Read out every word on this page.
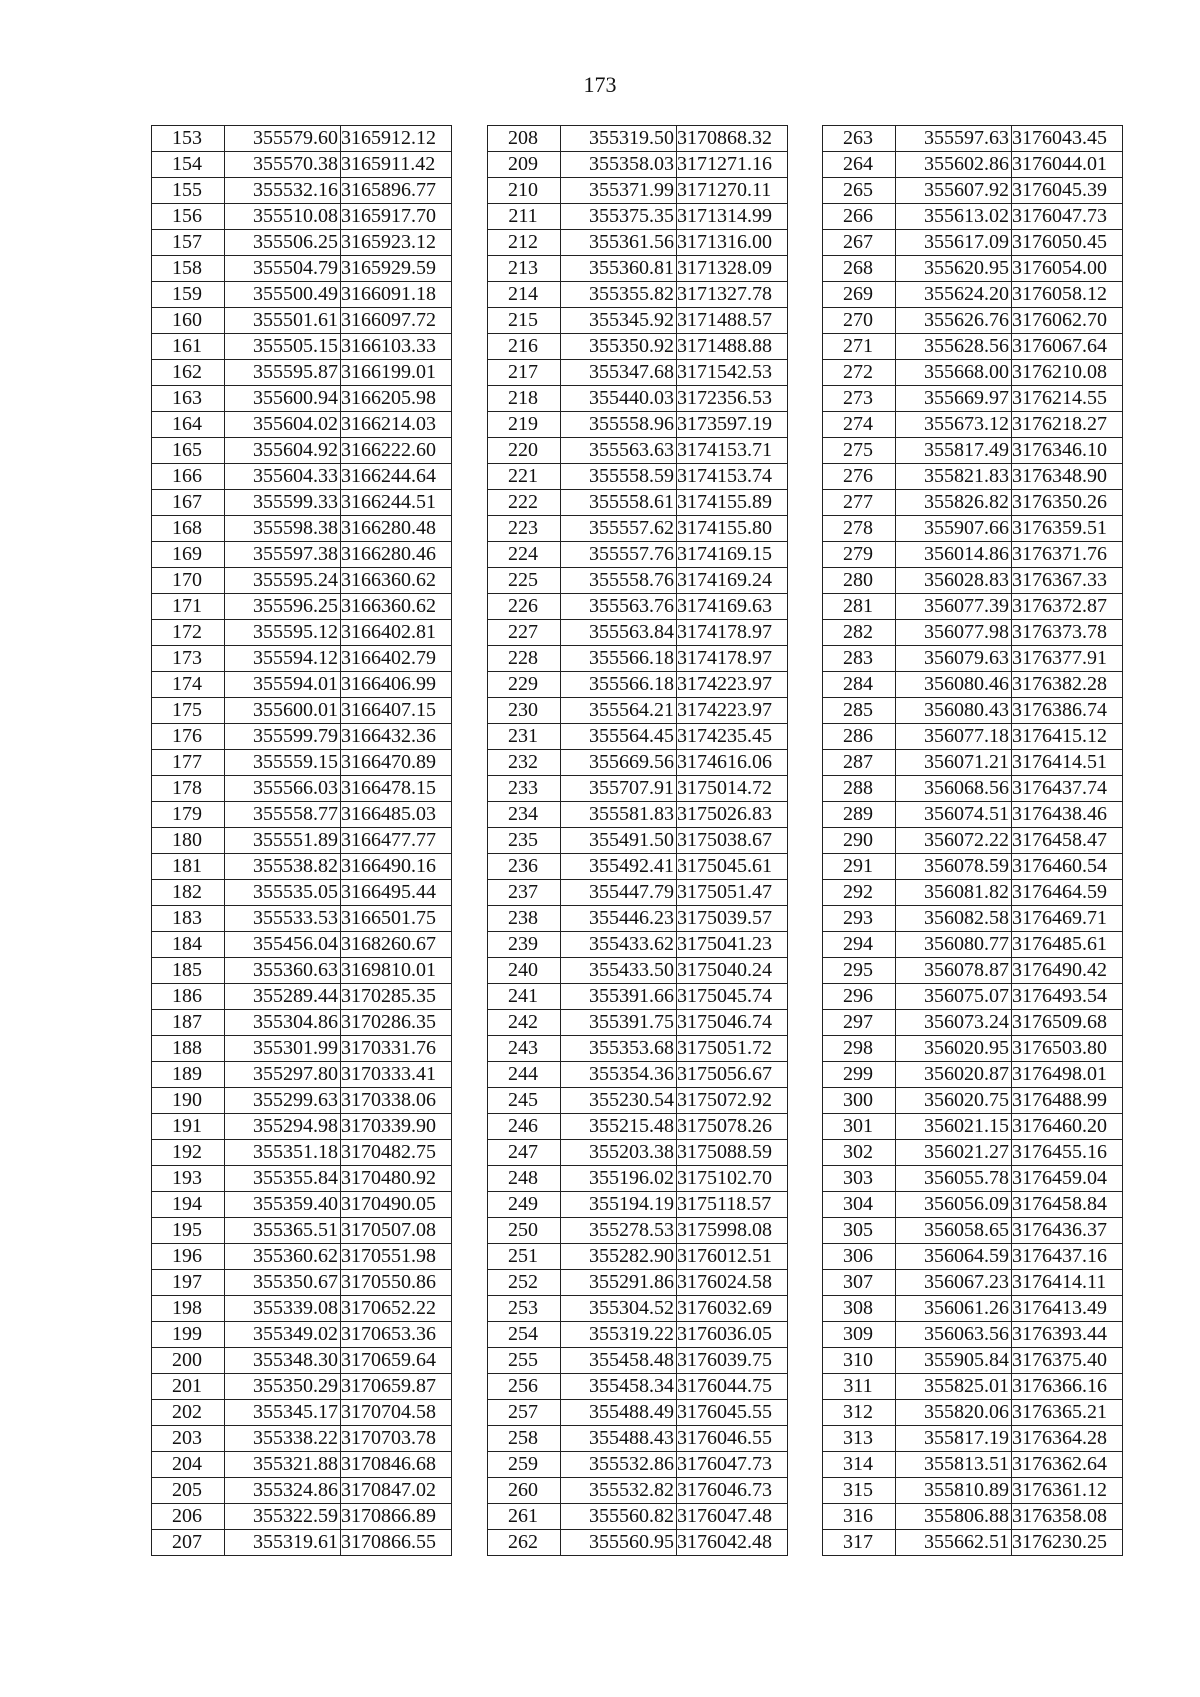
173
153	355579.60	3165912.12
154	355570.38	3165911.42
155	355532.16	3165896.77
156	355510.08	3165917.70
157	355506.25	3165923.12
158	355504.79	3165929.59
159	355500.49	3166091.18
160	355501.61	3166097.72
161	355505.15	3166103.33
162	355595.87	3166199.01
163	355600.94	3166205.98
164	355604.02	3166214.03
165	355604.92	3166222.60
166	355604.33	3166244.64
167	355599.33	3166244.51
168	355598.38	3166280.48
169	355597.38	3166280.46
170	355595.24	3166360.62
171	355596.25	3166360.62
172	355595.12	3166402.81
173	355594.12	3166402.79
174	355594.01	3166406.99
175	355600.01	3166407.15
176	355599.79	3166432.36
177	355559.15	3166470.89
178	355566.03	3166478.15
179	355558.77	3166485.03
180	355551.89	3166477.77
181	355538.82	3166490.16
182	355535.05	3166495.44
183	355533.53	3166501.75
184	355456.04	3168260.67
185	355360.63	3169810.01
186	355289.44	3170285.35
187	355304.86	3170286.35
188	355301.99	3170331.76
189	355297.80	3170333.41
190	355299.63	3170338.06
191	355294.98	3170339.90
192	355351.18	3170482.75
193	355355.84	3170480.92
194	355359.40	3170490.05
195	355365.51	3170507.08
196	355360.62	3170551.98
197	355350.67	3170550.86
198	355339.08	3170652.22
199	355349.02	3170653.36
200	355348.30	3170659.64
201	355350.29	3170659.87
202	355345.17	3170704.58
203	355338.22	3170703.78
204	355321.88	3170846.68
205	355324.86	3170847.02
206	355322.59	3170866.89
207	355319.61	3170866.55
208	355319.50	3170868.32
209	355358.03	3171271.16
210	355371.99	3171270.11
211	355375.35	3171314.99
212	355361.56	3171316.00
213	355360.81	3171328.09
214	355355.82	3171327.78
215	355345.92	3171488.57
216	355350.92	3171488.88
217	355347.68	3171542.53
218	355440.03	3172356.53
219	355558.96	3173597.19
220	355563.63	3174153.71
221	355558.59	3174153.74
222	355558.61	3174155.89
223	355557.62	3174155.80
224	355557.76	3174169.15
225	355558.76	3174169.24
226	355563.76	3174169.63
227	355563.84	3174178.97
228	355566.18	3174178.97
229	355566.18	3174223.97
230	355564.21	3174223.97
231	355564.45	3174235.45
232	355669.56	3174616.06
233	355707.91	3175014.72
234	355581.83	3175026.83
235	355491.50	3175038.67
236	355492.41	3175045.61
237	355447.79	3175051.47
238	355446.23	3175039.57
239	355433.62	3175041.23
240	355433.50	3175040.24
241	355391.66	3175045.74
242	355391.75	3175046.74
243	355353.68	3175051.72
244	355354.36	3175056.67
245	355230.54	3175072.92
246	355215.48	3175078.26
247	355203.38	3175088.59
248	355196.02	3175102.70
249	355194.19	3175118.57
250	355278.53	3175998.08
251	355282.90	3176012.51
252	355291.86	3176024.58
253	355304.52	3176032.69
254	355319.22	3176036.05
255	355458.48	3176039.75
256	355458.34	3176044.75
257	355488.49	3176045.55
258	355488.43	3176046.55
259	355532.86	3176047.73
260	355532.82	3176046.73
261	355560.82	3176047.48
262	355560.95	3176042.48
263	355597.63	3176043.45
264	355602.86	3176044.01
265	355607.92	3176045.39
266	355613.02	3176047.73
267	355617.09	3176050.45
268	355620.95	3176054.00
269	355624.20	3176058.12
270	355626.76	3176062.70
271	355628.56	3176067.64
272	355668.00	3176210.08
273	355669.97	3176214.55
274	355673.12	3176218.27
275	355817.49	3176346.10
276	355821.83	3176348.90
277	355826.82	3176350.26
278	355907.66	3176359.51
279	356014.86	3176371.76
280	356028.83	3176367.33
281	356077.39	3176372.87
282	356077.98	3176373.78
283	356079.63	3176377.91
284	356080.46	3176382.28
285	356080.43	3176386.74
286	356077.18	3176415.12
287	356071.21	3176414.51
288	356068.56	3176437.74
289	356074.51	3176438.46
290	356072.22	3176458.47
291	356078.59	3176460.54
292	356081.82	3176464.59
293	356082.58	3176469.71
294	356080.77	3176485.61
295	356078.87	3176490.42
296	356075.07	3176493.54
297	356073.24	3176509.68
298	356020.95	3176503.80
299	356020.87	3176498.01
300	356020.75	3176488.99
301	356021.15	3176460.20
302	356021.27	3176455.16
303	356055.78	3176459.04
304	356056.09	3176458.84
305	356058.65	3176436.37
306	356064.59	3176437.16
307	356067.23	3176414.11
308	356061.26	3176413.49
309	356063.56	3176393.44
310	355905.84	3176375.40
311	355825.01	3176366.16
312	355820.06	3176365.21
313	355817.19	3176364.28
314	355813.51	3176362.64
315	355810.89	3176361.12
316	355806.88	3176358.08
317	355662.51	3176230.25
